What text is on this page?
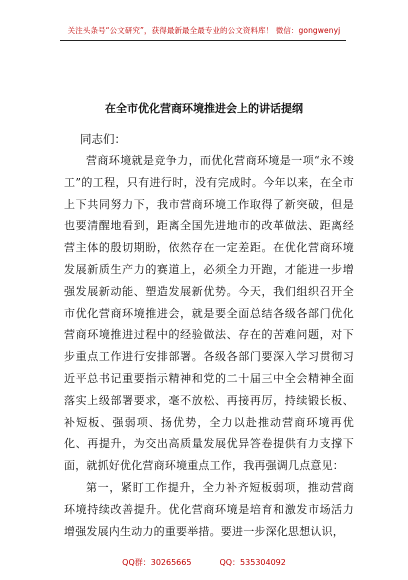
关注头条号“公文研究”，获得最新最全最专业的公文资料库！ 微信：gongwenyj
在全市优化营商环境推进会上的讲话提纲

同志们：

营商环境就是竞争力，而优化营商环境是一项“永不竣工”的工程，只有进行时，没有完成时。今年以来，在全市上下共同努力下，我市营商环境工作取得了新突破，但是也要清醒地看到，距离全国先进地市的改革做法、距离经营主体的殷切期盼，依然存在一定差距。在优化营商环境发展新质生产力的赛道上，必须全力开跑，才能进一步增强发展新动能、塑造发展新优势。今天，我们组织召开全市优化营商环境推进会，就是要全面总结各级各部门优化营商环境推进过程中的经验做法、存在的苦难问题，对下步重点工作进行安排部署。各级各部门要深入学习贯彻习近平总书记重要指示精神和党的二十届三中全会精神全面落实上级部署要求，毫不放松、再接再厉，持续锻长板、补短板、强弱项、扬优势，全力以赴推动营商环境再优化、再提升，为交出高质量发展优异答卷提供有力支撑下面，就抓好优化营商环境重点工作，我再强调几点意见：

第一，紧盯工作提升，全力补齐短板弱项，推动营商环境持续改善提升。优化营商环境是培育和激发市场活力增强发展内生动力的重要举措。要进一步深化思想认识，

QQ群：30265665	QQ：535304092
